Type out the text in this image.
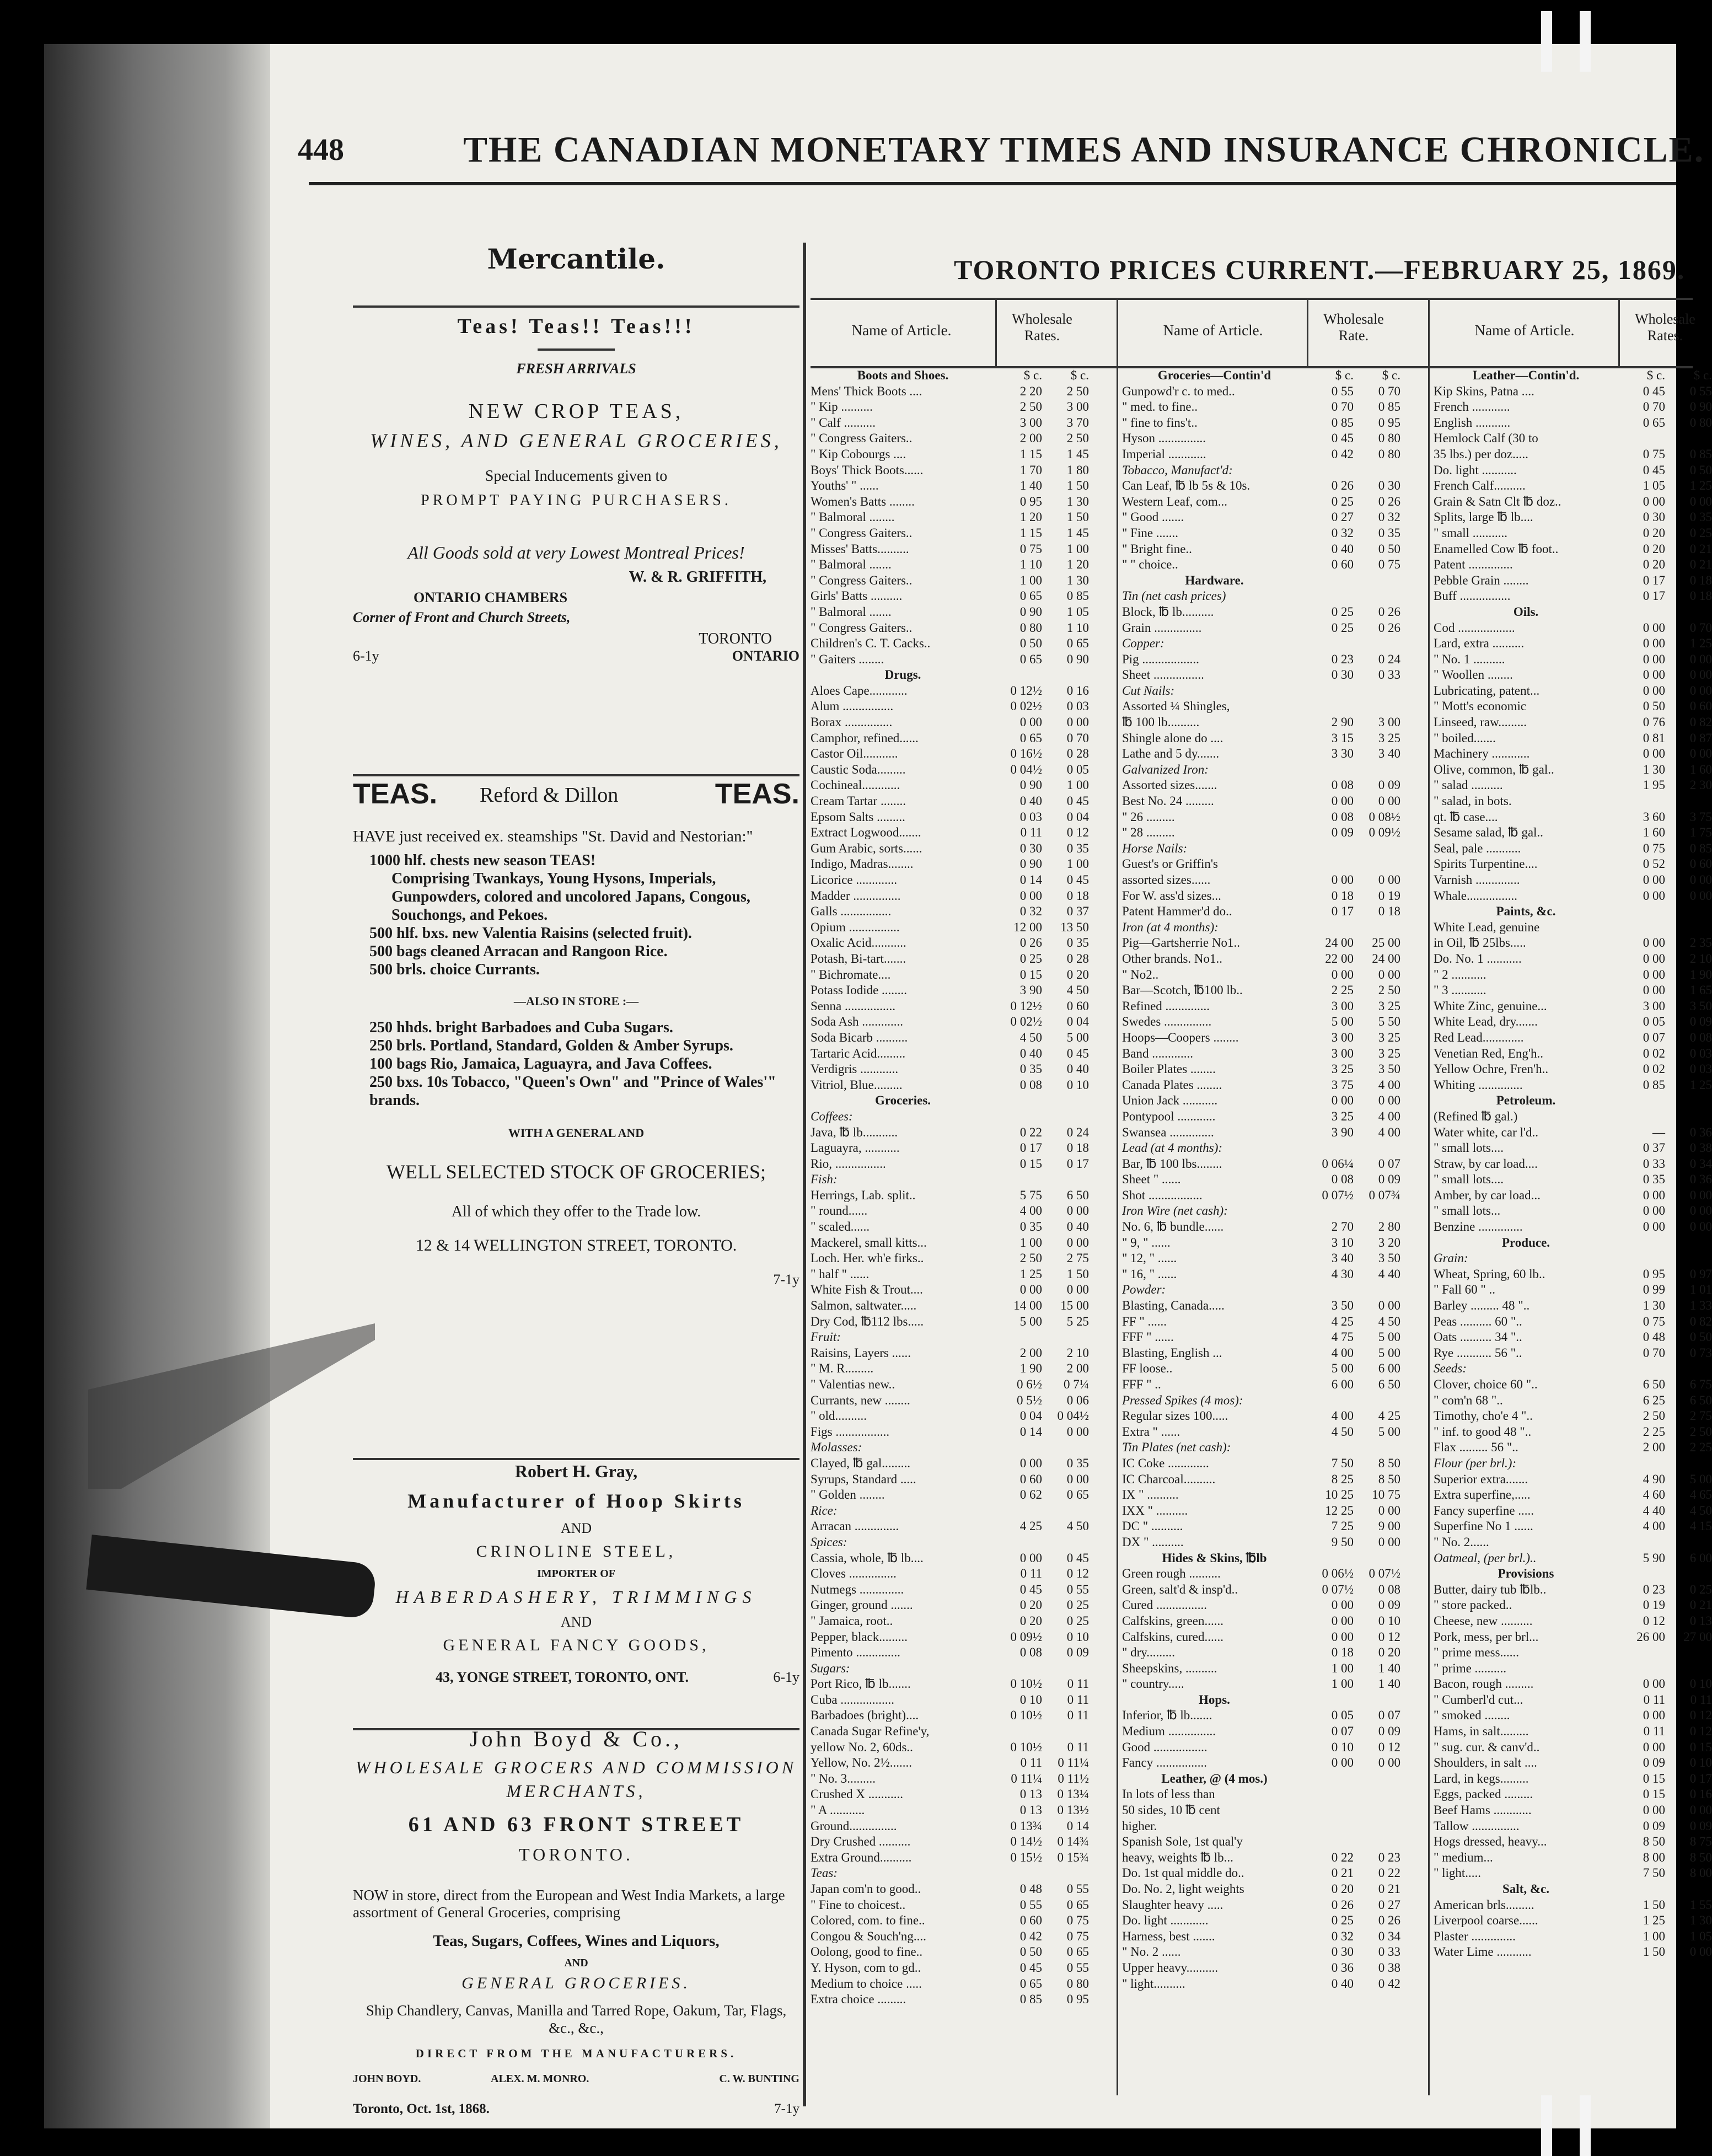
448	THE CANADIAN MONETARY TIMES AND INSURANCE CHRONICLE.

Mercantile.

Teas! Teas!! Teas!!!

FRESH ARRIVALS

NEW CROP TEAS,

WINES, AND GENERAL GROCERIES,

Special Inducements given to

PROMPT PAYING PURCHASERS.

All Goods sold at very Lowest Montreal Prices!

W. & R. GRIFFITH,

ONTARIO CHAMBERS

Corner of Front and Church Streets,

TORONTO

6-1y	ONTARIO
TEAS. Reford & Dillon	TEAS.

HAVE just received ex. steamships "St. David and Nestorian:"

1000 hlf. chests new season TEAS!
Comprising Twankays, Young Hysons, Imperials, Gunpowders, colored and uncolored Japans, Congous, Souchongs, and Pekoes.
500 hlf. bxs. new Valentia Raisins (selected fruit).
500 bags cleaned Arracan and Rangoon Rice.
500 brls. choice Currants.

—ALSO IN STORE :—

250 hhds. bright Barbadoes and Cuba Sugars.
250 brls. Portland, Standard, Golden & Amber Syrups.
100 bags Rio, Jamaica, Laguayra, and Java Coffees.
250 bxs. 10s Tobacco, "Queen's Own" and "Prince of Wales'" brands.

WITH A GENERAL AND

WELL SELECTED STOCK OF GROCERIES;

All of which they offer to the Trade low.

12 & 14 WELLINGTON STREET, TORONTO.

7-1y

Robert H. Gray,

Manufacturer of Hoop Skirts

AND

CRINOLINE STEEL,

IMPORTER OF

HABERDASHERY, TRIMMINGS

AND

GENERAL FANCY GOODS,

43, YONGE STREET, TORONTO, ONT.	6-1y

John Boyd & Co.,

WHOLESALE GROCERS AND COMMISSION

MERCHANTS,

61 AND 63 FRONT STREET

TORONTO.

NOW in store, direct from the European and West India Markets, a large assortment of General Groceries, comprising

Teas, Sugars, Coffees, Wines and Liquors,

AND

GENERAL GROCERIES.

Ship Chandlery, Canvas, Manilla and Tarred Rope, Oakum, Tar, Flags, &c., &c.,

DIRECT FROM THE MANUFACTURERS.

JOHN BOYD.	ALEX. M. MONRO.	C. W. BUNTING
Toronto, Oct. 1st, 1868.	7-1y
TORONTO PRICES CURRENT.—FEBRUARY 25, 1869.
Name of Article.
Wholesale Rates.
Boots and Shoes.	$ c.	$ c.
Mens' Thick Boots ....	2 20	2 50
" Kip ..........	2 50	3 00
" Calf ..........	3 00	3 70
" Congress Gaiters..	2 00	2 50
" Kip Cobourgs ....	1 15	1 45
Boys' Thick Boots......	1 70	1 80
Youths' " ......	1 40	1 50
Women's Batts ........	0 95	1 30
" Balmoral ........	1 20	1 50
" Congress Gaiters..	1 15	1 45
Misses' Batts..........	0 75	1 00
" Balmoral .......	1 10	1 20
" Congress Gaiters..	1 00	1 30
Girls' Batts ..........	0 65	0 85
" Balmoral .......	0 90	1 05
" Congress Gaiters..	0 80	1 10
Children's C. T. Cacks..	0 50	0 65
" Gaiters ........	0 65	0 90
Drugs.
Aloes Cape............	0 12½	0 16
Alum ................	0 02½	0 03
Borax ...............	0 00	0 00
Camphor, refined......	0 65	0 70
Castor Oil...........	0 16½	0 28
Caustic Soda.........	0 04½	0 05
Cochineal............	0 90	1 00
Cream Tartar ........	0 40	0 45
Epsom Salts .........	0 03	0 04
Extract Logwood.......	0 11	0 12
Gum Arabic, sorts......	0 30	0 35
Indigo, Madras........	0 90	1 00
Licorice .............	0 14	0 45
Madder ...............	0 00	0 18
Galls ................	0 32	0 37
Opium ................	12 00	13 50
Oxalic Acid...........	0 26	0 35
Potash, Bi-tart.......	0 25	0 28
" Bichromate....	0 15	0 20
Potass Iodide ........	3 90	4 50
Senna ................	0 12½	0 60
Soda Ash .............	0 02½	0 04
Soda Bicarb ..........	4 50	5 00
Tartaric Acid.........	0 40	0 45
Verdigris ............	0 35	0 40
Vitriol, Blue.........	0 08	0 10
Groceries.
Coffees:
Java, ℔ lb...........	0 22	0 24
Laguayra, ...........	0 17	0 18
Rio, ................	0 15	0 17
Fish:
Herrings, Lab. split..	5 75	6 50
" round......	4 00	0 00
" scaled......	0 35	0 40
Mackerel, small kitts...	1 00	0 00
Loch. Her. wh'e firks..	2 50	2 75
" half " ......	1 25	1 50
White Fish & Trout....	0 00	0 00
Salmon, saltwater.....	14 00	15 00
Dry Cod, ℔112 lbs.....	5 00	5 25
Fruit:
Raisins, Layers ......	2 00	2 10
" M. R.........	1 90	2 00
" Valentias new..	0 6½	0 7¼
Currants, new ........	0 5½	0 06
" old..........	0 04	0 04½
Figs .................	0 14	0 00
Molasses:
Clayed, ℔ gal.........	0 00	0 35
Syrups, Standard .....	0 60	0 00
" Golden ........	0 62	0 65
Rice:
Arracan ..............	4 25	4 50
Spices:
Cassia, whole, ℔ lb....	0 00	0 45
Cloves ...............	0 11	0 12
Nutmegs ..............	0 45	0 55
Ginger, ground .......	0 20	0 25
" Jamaica, root..	0 20	0 25
Pepper, black.........	0 09½	0 10
Pimento ..............	0 08	0 09
Sugars:
Port Rico, ℔ lb.......	0 10½	0 11
Cuba .................	0 10	0 11
Barbadoes (bright)....	0 10½	0 11
Canada Sugar Refine'y,
yellow No. 2, 60ds..	0 10½	0 11
Yellow, No. 2½.......	0 11	0 11¼
" No. 3.........	0 11¼	0 11½
Crushed X ...........	0 13	0 13¼
" A ...........	0 13	0 13½
Ground...............	0 13¾	0 14
Dry Crushed ..........	0 14½	0 14¾
Extra Ground..........	0 15½	0 15¾
Teas:
Japan com'n to good..	0 48	0 55
" Fine to choicest..	0 55	0 65
Colored, com. to fine..	0 60	0 75
Congou & Souch'ng....	0 42	0 75
Oolong, good to fine..	0 50	0 65
Y. Hyson, com to gd..	0 45	0 55
Medium to choice .....	0 65	0 80
Extra choice .........	0 85	0 95
Name of Article.
Wholesale Rate.
Groceries—Contin'd	$ c.	$ c.
Gunpowd'r c. to med..	0 55	0 70
" med. to fine..	0 70	0 85
" fine to fins't..	0 85	0 95
Hyson ...............	0 45	0 80
Imperial ............	0 42	0 80
Tobacco, Manufact'd:
Can Leaf, ℔ lb 5s & 10s.	0 26	0 30
Western Leaf, com...	0 25	0 26
" Good .......	0 27	0 32
" Fine .......	0 32	0 35
" Bright fine..	0 40	0 50
" " choice..	0 60	0 75
Hardware.
Tin (net cash prices)
Block, ℔ lb..........	0 25	0 26
Grain ...............	0 25	0 26
Copper:
Pig ..................	0 23	0 24
Sheet ................	0 30	0 33
Cut Nails:
Assorted ¼ Shingles,
℔ 100 lb..........	2 90	3 00
Shingle alone do ....	3 15	3 25
Lathe and 5 dy.......	3 30	3 40
Galvanized Iron:
Assorted sizes.......	0 08	0 09
Best No. 24 .........	0 00	0 00
" 26 .........	0 08	0 08½
" 28 .........	0 09	0 09½
Horse Nails:
Guest's or Griffin's
assorted sizes......	0 00	0 00
For W. ass'd sizes...	0 18	0 19
Patent Hammer'd do..	0 17	0 18
Iron (at 4 months):
Pig—Gartsherrie No1..	24 00	25 00
Other brands. No1..	22 00	24 00
" No2..	0 00	0 00
Bar—Scotch, ℔100 lb..	2 25	2 50
Refined ..............	3 00	3 25
Swedes ...............	5 00	5 50
Hoops—Coopers ........	3 00	3 25
Band .............	3 00	3 25
Boiler Plates ........	3 25	3 50
Canada Plates ........	3 75	4 00
Union Jack ...........	0 00	0 00
Pontypool ............	3 25	4 00
Swansea ..............	3 90	4 00
Lead (at 4 months):
Bar, ℔ 100 lbs........	0 06¼	0 07
Sheet " ......	0 08	0 09
Shot .................	0 07½	0 07¾
Iron Wire (net cash):
No. 6, ℔ bundle......	2 70	2 80
" 9, " ......	3 10	3 20
" 12, " ......	3 40	3 50
" 16, " ......	4 30	4 40
Powder:
Blasting, Canada.....	3 50	0 00
FF " ......	4 25	4 50
FFF " ......	4 75	5 00
Blasting, English ...	4 00	5 00
FF loose..	5 00	6 00
FFF " ..	6 00	6 50
Pressed Spikes (4 mos):
Regular sizes 100.....	4 00	4 25
Extra " ......	4 50	5 00
Tin Plates (net cash):
IC Coke .............	7 50	8 50
IC Charcoal..........	8 25	8 50
IX " ..........	10 25	10 75
IXX " ..........	12 25	0 00
DC " ..........	7 25	9 00
DX " ..........	9 50	0 00
Hides & Skins, ℔lb
Green rough ..........	0 06½	0 07½
Green, salt'd & insp'd..	0 07½	0 08
Cured ................	0 00	0 09
Calfskins, green......	0 00	0 10
Calfskins, cured......	0 00	0 12
" dry.........	0 18	0 20
Sheepskins, ..........	1 00	1 40
" country.....	1 00	1 40
Hops.
Inferior, ℔ lb.......	0 05	0 07
Medium ...............	0 07	0 09
Good .................	0 10	0 12
Fancy ................	0 00	0 00
Leather, @ (4 mos.)
In lots of less than
50 sides, 10 ℔ cent
higher.
Spanish Sole, 1st qual'y
heavy, weights ℔ lb...	0 22	0 23
Do. 1st qual middle do..	0 21	0 22
Do. No. 2, light weights	0 20	0 21
Slaughter heavy .....	0 26	0 27
Do. light ............	0 25	0 26
Harness, best .......	0 32	0 34
" No. 2 ......	0 30	0 33
Upper heavy..........	0 36	0 38
" light..........	0 40	0 42
Name of Article.
Wholesale Rates.
Leather—Contin'd.	$ c.	$ c.
Kip Skins, Patna ....	0 45	0 55
French ............	0 70	0 90
English ...........	0 65	0 80
Hemlock Calf (30 to
35 lbs.) per doz.....	0 75	0 85
Do. light ...........	0 45	0 50
French Calf..........	1 05	1 25
Grain & Satn Clt ℔ doz..	0 00	0 00
Splits, large ℔ lb....	0 30	0 35
" small ...........	0 20	0 25
Enamelled Cow ℔ foot..	0 20	0 21
Patent ..............	0 20	0 21
Pebble Grain ........	0 17	0 18
Buff ................	0 17	0 18
Oils.
Cod ..................	0 00	0 70
Lard, extra ..........	0 00	1 25
" No. 1 ..........	0 00	0 00
" Woollen ........	0 00	0 00
Lubricating, patent...	0 00	0 00
" Mott's economic	0 50	0 60
Linseed, raw.........	0 76	0 82
" boiled.......	0 81	0 87
Machinery ............	0 00	0 00
Olive, common, ℔ gal..	1 30	1 60
" salad ..........	1 95	2 30
" salad, in bots.
qt. ℔ case....	3 60	3 75
Sesame salad, ℔ gal..	1 60	1 75
Seal, pale ...........	0 75	0 85
Spirits Turpentine....	0 52	0 60
Varnish ..............	0 00	0 00
Whale................	0 00	0 00
Paints, &c.
White Lead, genuine
in Oil, ℔ 25lbs.....	0 00	2 35
Do. No. 1 ...........	0 00	2 10
" 2 ...........	0 00	1 90
" 3 ...........	0 00	1 65
White Zinc, genuine...	3 00	3 50
White Lead, dry.......	0 05	0 09
Red Lead.............	0 07	0 08
Venetian Red, Eng'h..	0 02	0 03
Yellow Ochre, Fren'h..	0 02	0 03
Whiting ..............	0 85	1 25
Petroleum.
(Refined ℔ gal.)
Water white, car l'd..	—	0 36
" small lots....	0 37	0 38
Straw, by car load....	0 33	0 34
" small lots....	0 35	0 36
Amber, by car load...	0 00	0 00
" small lots...	0 00	0 00
Benzine ..............	0 00	0 00
Produce.
Grain:
Wheat, Spring, 60 lb..	0 95	0 97
" Fall 60 " ..	0 99	1 01
Barley ......... 48 "..	1 30	1 33
Peas .......... 60 "..	0 75	0 82
Oats .......... 34 "..	0 48	0 50
Rye ........... 56 "..	0 70	0 73
Seeds:
Clover, choice 60 "..	6 50	6 75
" com'n 68 "..	6 25	6 50
Timothy, cho'e 4 "..	2 50	2 75
" inf. to good 48 "..	2 25	2 50
Flax ......... 56 "..	2 00	2 25
Flour (per brl.):
Superior extra.......	4 90	5 00
Extra superfine,.....	4 60	4 65
Fancy superfine .....	4 40	4 50
Superfine No 1 ......	4 00	4 15
" No. 2......
Oatmeal, (per brl.)..	5 90	6 00
Provisions
Butter, dairy tub ℔lb..	0 23	0 25
" store packed..	0 19	0 21
Cheese, new ..........	0 12	0 13
Pork, mess, per brl...	26 00	27 00
" prime mess......
" prime ..........
Bacon, rough .........	0 00	0 10
" Cumberl'd cut...	0 11	0 11
" smoked ........	0 00	0 12
Hams, in salt.........	0 11	0 12
" sug. cur. & canv'd..	0 00	0 15
Shoulders, in salt ....	0 09	0 10
Lard, in kegs.........	0 15	0 17
Eggs, packed .........	0 15	0 16
Beef Hams ............	0 00	0 00
Tallow ...............	0 09	0 09
Hogs dressed, heavy...	8 50	8 75
" medium...	8 00	8 50
" light.....	7 50	8 00
Salt, &c.
American brls.........	1 50	1 55
Liverpool coarse......	1 25	1 30
Plaster ..............	1 00	1 05
Water Lime ...........	1 50	0 00
